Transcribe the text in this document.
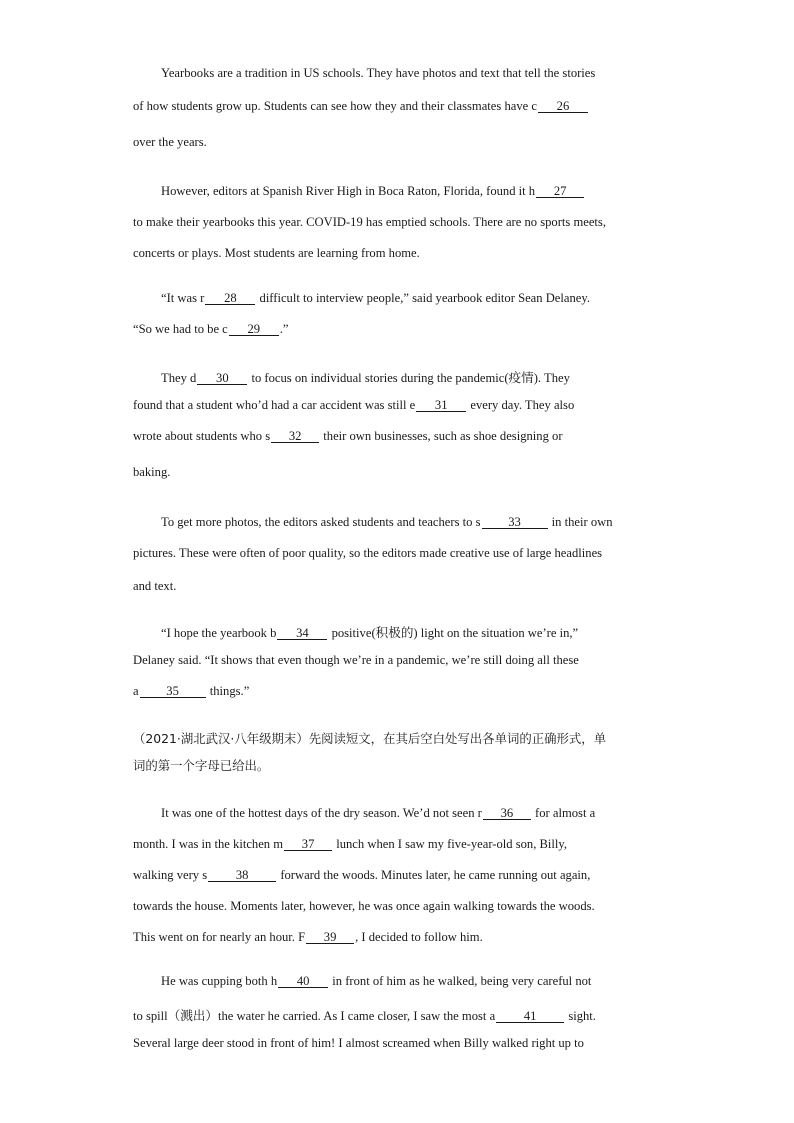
Yearbooks are a tradition in US schools. They have photos and text that tell the stories
of how students grow up. Students can see how they and their classmates have c 26
over the years.
However, editors at Spanish River High in Boca Raton, Florida, found it h 27
to make their yearbooks this year. COVID-19 has emptied schools. There are no sports meets,
concerts or plays. Most students are learning from home.
“It was r 28 difficult to interview people,” said yearbook editor Sean Delaney.
“So we had to be c 29 .”
They d 30 to focus on individual stories during the pandemic(疫情). They
found that a student who’d had a car accident was still e 31 every day. They also
wrote about students who s 32 their own businesses, such as shoe designing or
baking.
To get more photos, the editors asked students and teachers to s 33 in their own
pictures. These were often of poor quality, so the editors made creative use of large headlines
and text.
“I hope the yearbook b 34 positive(积极的) light on the situation we’re in,”
Delaney said. “It shows that even though we’re in a pandemic, we’re still doing all these
a 35 things.”
（2021·湖北武汉·八年级期末）先阅读短文，在其后空白处写出各单词的正确形式，单
词的第一个字母已给出。
It was one of the hottest days of the dry season. We’d not seen r 36 for almost a
month. I was in the kitchen m 37 lunch when I saw my five-year-old son, Billy,
walking very s 38	forward the woods. Minutes later, he came running out again,
towards the house. Moments later, however, he was once again walking towards the woods.
This went on for nearly an hour. F 39 , I decided to follow him.
He was cupping both h 40 in front of him as he walked, being very careful not
to spill（溅出）the water he carried. As I came closer, I saw the most a 41	sight.
Several large deer stood in front of him! I almost screamed when Billy walked right up to
